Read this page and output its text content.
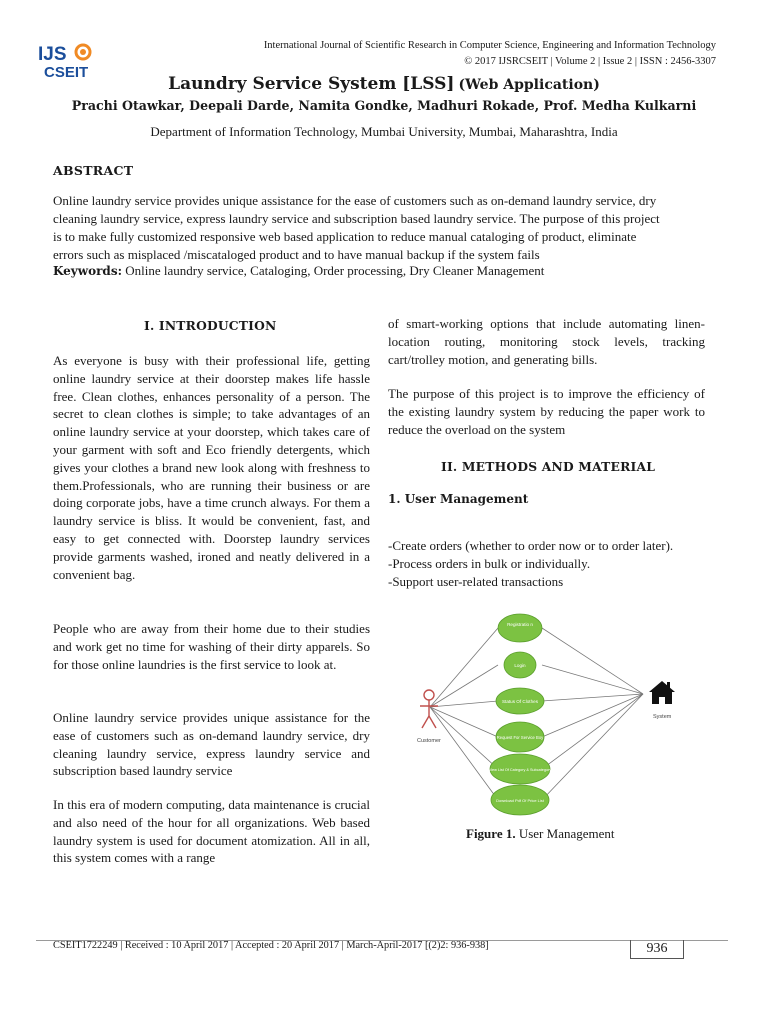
IJS
CSEIT
International Journal of Scientific Research in Computer Science, Engineering and Information Technology
© 2017 IJSRCSEIT | Volume 2 | Issue 2 | ISSN : 2456-3307
Laundry Service System [LSS] (Web Application)
Prachi Otawkar, Deepali Darde, Namita Gondke, Madhuri Rokade, Prof. Medha Kulkarni
Department of Information Technology, Mumbai University, Mumbai, Maharashtra, India
ABSTRACT
Online laundry service provides unique assistance for the ease of customers such as on-demand laundry service, dry
cleaning laundry service, express laundry service and subscription based laundry service. The purpose of this project
is to make fully customized responsive web based application to reduce manual cataloging of product, eliminate
errors such as misplaced /miscataloged product and to have manual backup if the system fails
Keywords: Online laundry service, Cataloging, Order processing, Dry Cleaner Management
I. INTRODUCTION

As everyone is busy with their professional life, getting online laundry service at their doorstep makes life hassle free. Clean clothes, enhances personality of a person. The secret to clean clothes is simple; to take advantages of an online laundry service at your doorstep, which takes care of your garment with soft and Eco friendly detergents, which gives your clothes a brand new look along with freshness to them.Professionals, who are running their business or are doing corporate jobs, have a time crunch always. For them a laundry service is bliss. It would be convenient, fast, and easy to get connected with. Doorstep laundry services provide garments washed, ironed and neatly delivered in a convenient bag.

People who are away from their home due to their studies and work get no time for washing of their dirty apparels. So for those online laundries is the first service to look at.

Online laundry service provides unique assistance for the ease of customers such as on-demand laundry service, dry cleaning laundry service, express laundry service and subscription based laundry service

In this era of modern computing, data maintenance is crucial and also need of the hour for all organizations. Web based laundry system is used for document atomization. All in all, this system comes with a range

of smart-working options that include automating linen-location routing, monitoring stock levels, tracking cart/trolley motion, and generating bills.

The purpose of this project is to improve the efficiency of the existing laundry system by reducing the paper work to reduce the overload on the system

II. METHODS AND MATERIAL
1. User Management
-Create orders (whether to order now or to order later).
-Process orders in bulk or individually.
-Support user-related transactions
Customer
Registratio n
Login
Status Of Clothes
Request For Service Boy
View List Of Category & Subcategory
Download Pdf Of Price List
System
Figure 1. User Management
CSEIT1722249 | Received : 10 April 2017 | Accepted : 20 April 2017 | March-April-2017 [(2)2: 936-938]	936
